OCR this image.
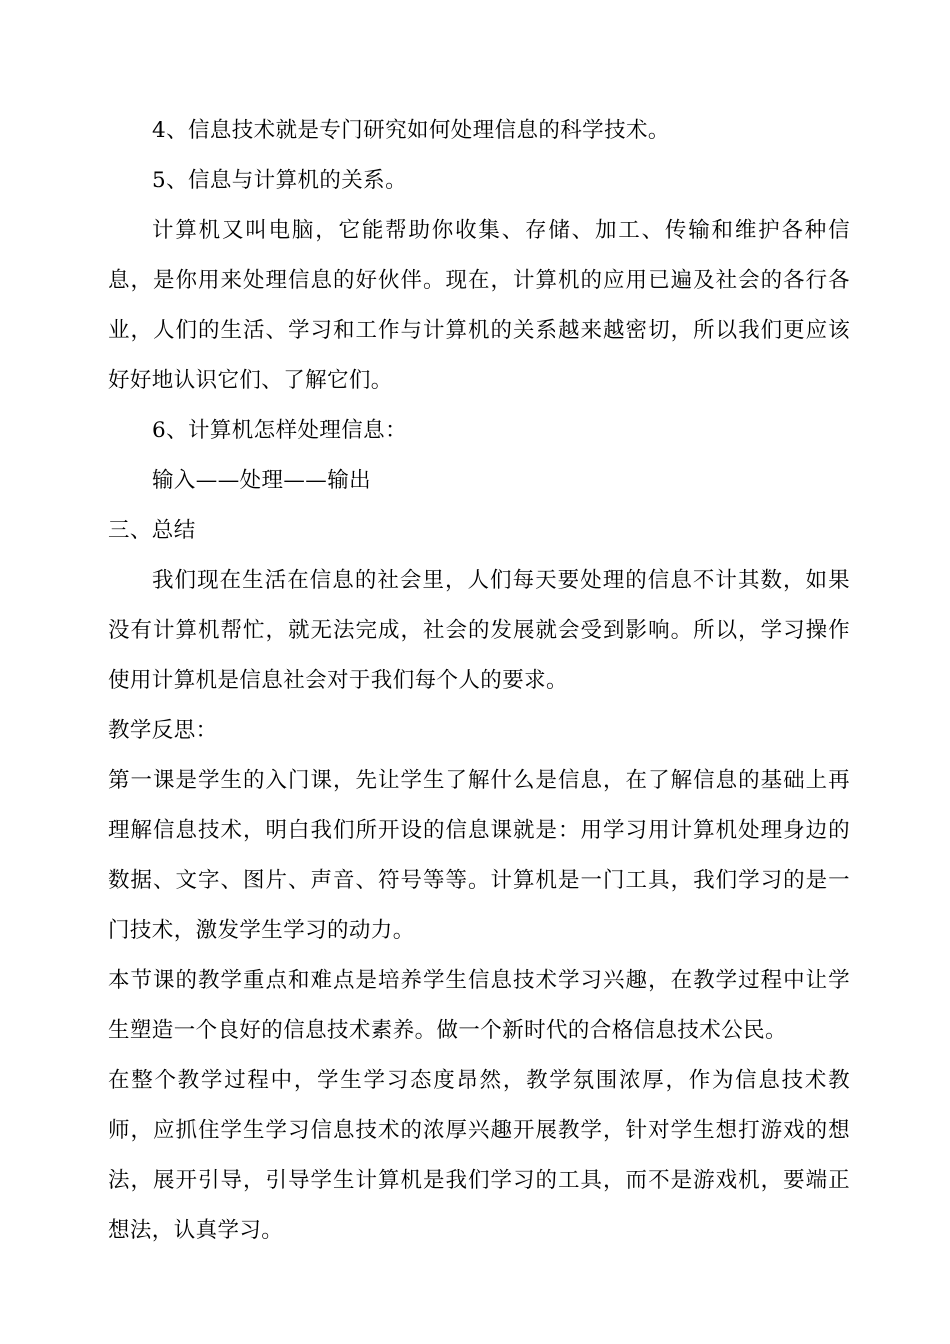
4、信息技术就是专门研究如何处理信息的科学技术。

5、信息与计算机的关系。

计算机又叫电脑，它能帮助你收集、存储、加工、传输和维护各种信息，是你用来处理信息的好伙伴。现在，计算机的应用已遍及社会的各行各业，人们的生活、学习和工作与计算机的关系越来越密切，所以我们更应该好好地认识它们、了解它们。

6、计算机怎样处理信息：

输入——处理——输出

三、总结

我们现在生活在信息的社会里，人们每天要处理的信息不计其数，如果没有计算机帮忙，就无法完成，社会的发展就会受到影响。所以，学习操作使用计算机是信息社会对于我们每个人的要求。

教学反思：

第一课是学生的入门课，先让学生了解什么是信息，在了解信息的基础上再理解信息技术，明白我们所开设的信息课就是：用学习用计算机处理身边的数据、文字、图片、声音、符号等等。计算机是一门工具，我们学习的是一门技术，激发学生学习的动力。

本节课的教学重点和难点是培养学生信息技术学习兴趣，在教学过程中让学生塑造一个良好的信息技术素养。做一个新时代的合格信息技术公民。

在整个教学过程中，学生学习态度昂然，教学氛围浓厚，作为信息技术教师，应抓住学生学习信息技术的浓厚兴趣开展教学，针对学生想打游戏的想法，展开引导，引导学生计算机是我们学习的工具，而不是游戏机，要端正想法，认真学习。
